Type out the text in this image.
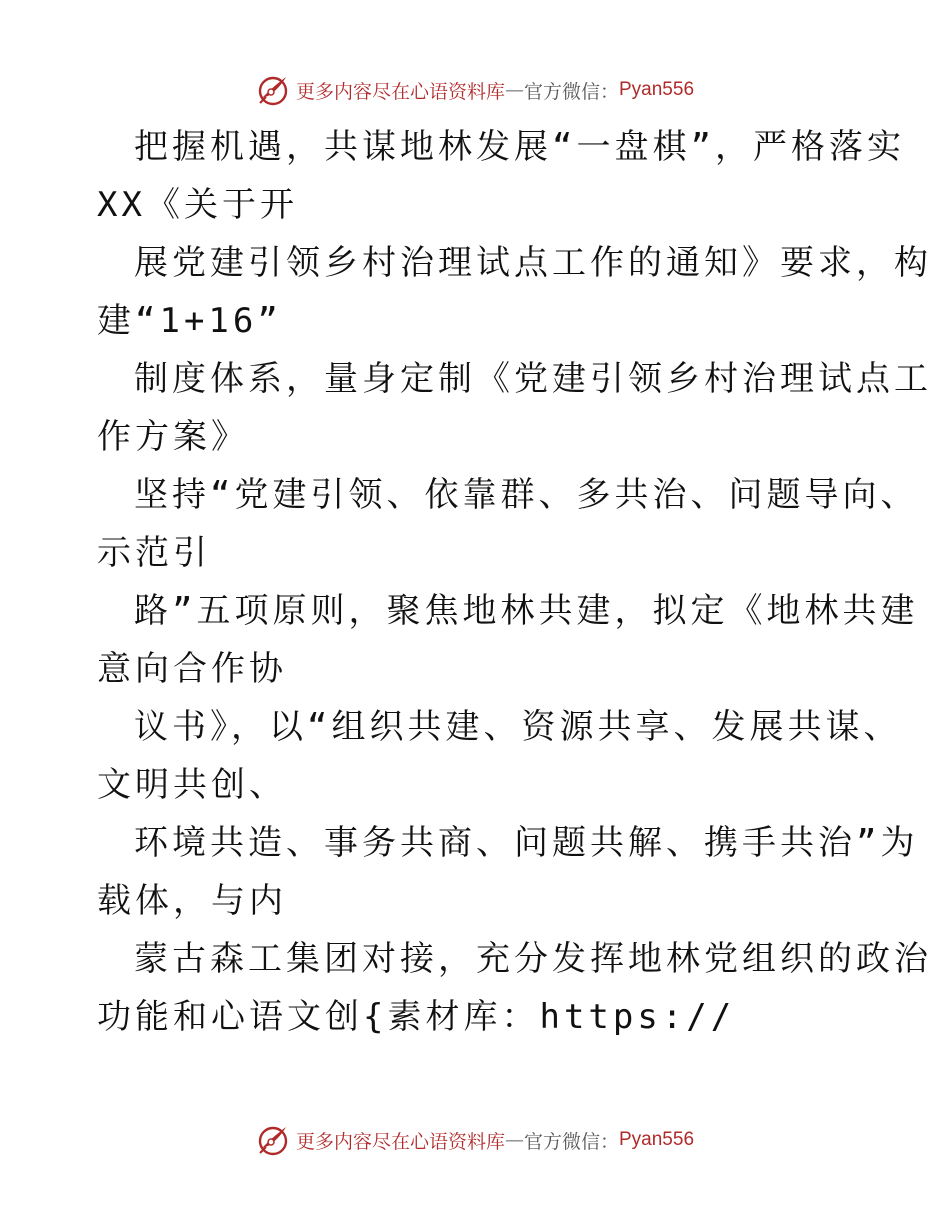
更多内容尽在心语资料库 — 官方微信： Pyan556
把握机遇，共谋地林发展“一盘棋”，严格落实
XX《关于开
展党建引领乡村治理试点工作的通知》要求，构
建“1+16”
制度体系，量身定制《党建引领乡村治理试点工
作方案》
坚持“党建引领、依靠群、多共治、问题导向、
示范引
路”五项原则，聚焦地林共建，拟定《地林共建
意向合作协
议书》，以“组织共建、资源共享、发展共谋、
文明共创、
环境共造、事务共商、问题共解、携手共治”为
载体，与内
蒙古森工集团对接，充分发挥地林党组织的政治
功能和心语文创{素材库：https://
更多内容尽在心语资料库 — 官方微信： Pyan556
